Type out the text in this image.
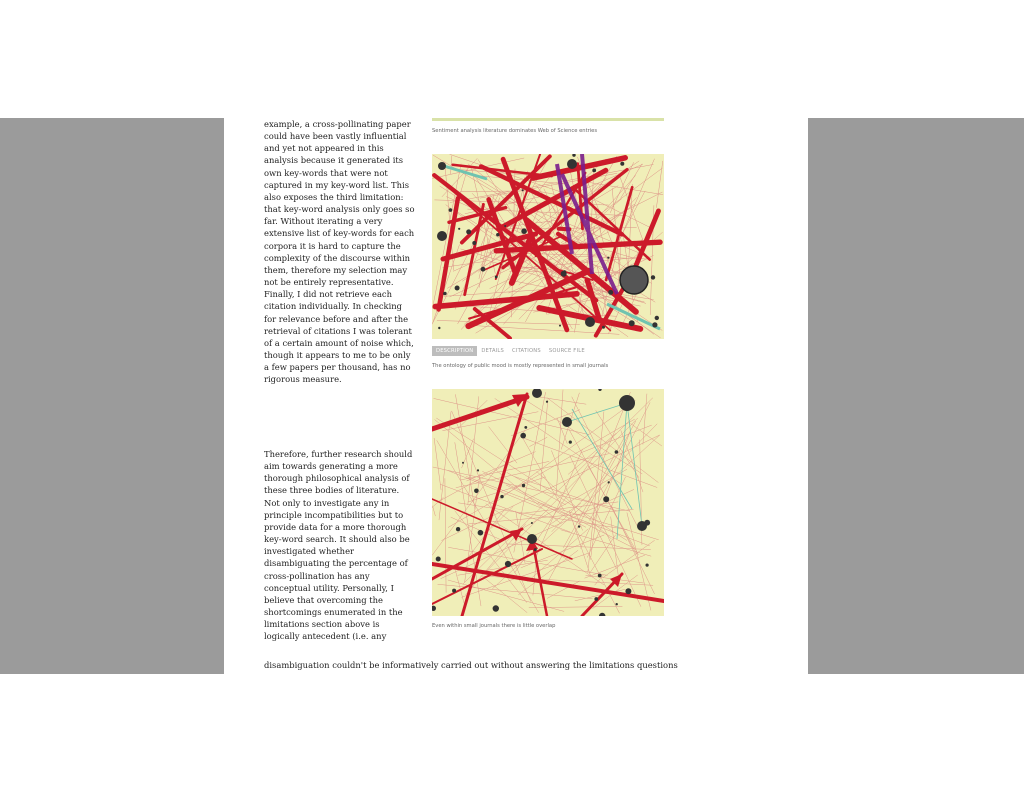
example, a cross-pollinating paper
could have been vastly influential
and yet not appeared in this
analysis because it generated its
own key-words that were not
captured in my key-word list. This
also exposes the third limitation:
that key-word analysis only goes so
far. Without iterating a very
extensive list of key-words for each
corpora it is hard to capture the
complexity of the discourse within
them, therefore my selection may
not be entirely representative.
Finally, I did not retrieve each
citation individually. In checking
for relevance before and after the
retrieval of citations I was tolerant
of a certain amount of noise which,
though it appears to me to be only
a few papers per thousand, has no
rigorous measure.

Therefore, further research should
aim towards generating a more
thorough philosophical analysis of
these three bodies of literature.
Not only to investigate any in
principle incompatibilities but to
provide data for a more thorough
key-word search. It should also be
investigated whether
disambiguating the percentage of
cross-pollination has any
conceptual utility. Personally, I
believe that overcoming the
shortcomings enumerated in the
limitations section above is
logically antecedent (i.e. any

disambiguation couldn't be informatively carried out without answering the limitations questions
Sentiment analysis literature dominates Web of Science entries
DESCRIPTION	DETAILS	CITATIONS	SOURCE FILE
The ontology of public mood is mostly represented in small journals
Even within small journals there is little overlap
